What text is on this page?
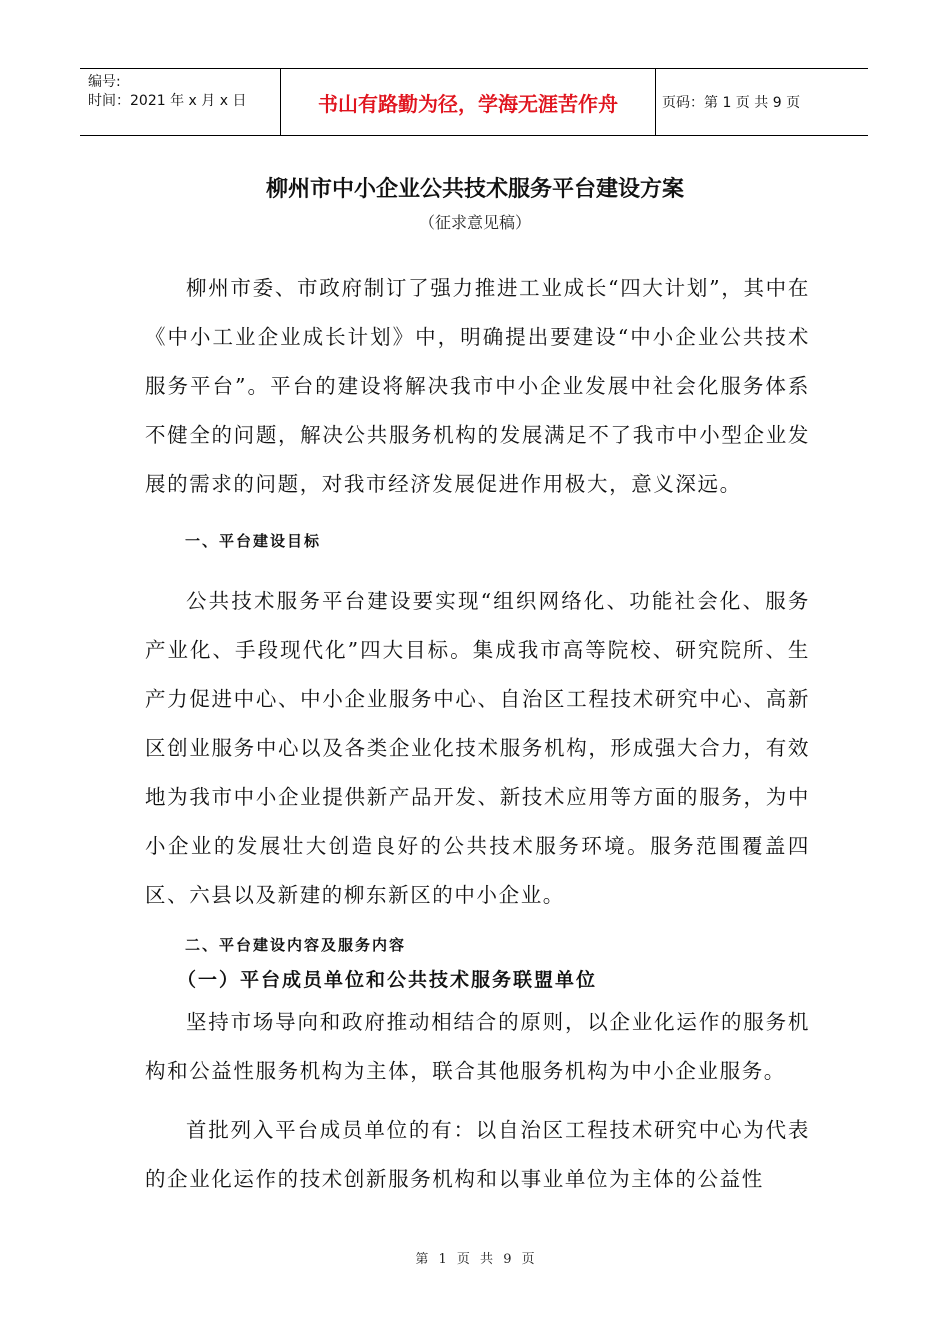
编号:
时间：2021 年 x 月 x 日	书山有路勤为径，学海无涯苦作舟	页码：第 1 页 共 9 页
柳州市中小企业公共技术服务平台建设方案
（征求意见稿）

柳州市委、市政府制订了强力推进工业成长“四大计划”，其中在《中小工业企业成长计划》中，明确提出要建设“中小企业公共技术服务平台”。平台的建设将解决我市中小企业发展中社会化服务体系不健全的问题，解决公共服务机构的发展满足不了我市中小型企业发展的需求的问题，对我市经济发展促进作用极大，意义深远。

一、平台建设目标

公共技术服务平台建设要实现“组织网络化、功能社会化、服务产业化、手段现代化”四大目标。集成我市高等院校、研究院所、生产力促进中心、中小企业服务中心、自治区工程技术研究中心、高新区创业服务中心以及各类企业化技术服务机构，形成强大合力，有效地为我市中小企业提供新产品开发、新技术应用等方面的服务，为中小企业的发展壮大创造良好的公共技术服务环境。服务范围覆盖四区、六县以及新建的柳东新区的中小企业。

二、平台建设内容及服务内容

（一）平台成员单位和公共技术服务联盟单位

坚持市场导向和政府推动相结合的原则，以企业化运作的服务机构和公益性服务机构为主体，联合其他服务机构为中小企业服务。

首批列入平台成员单位的有：以自治区工程技术研究中心为代表的企业化运作的技术创新服务机构和以事业单位为主体的公益性

第 1 页 共 9 页
